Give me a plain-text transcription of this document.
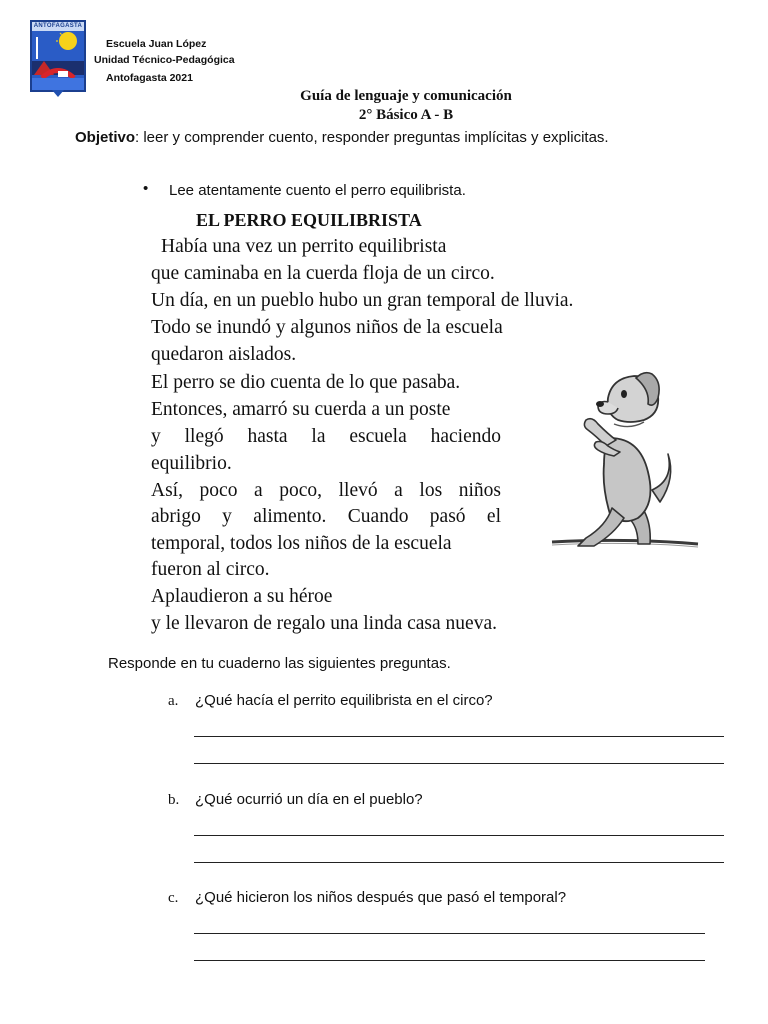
ANTOFAGASTA
Escuela Juan López
Unidad Técnico-Pedagógica
Antofagasta 2021
Guía de lenguaje y comunicación
2° Básico A - B
Objetivo: leer y comprender cuento, responder preguntas implícitas y explicitas.
• Lee atentamente cuento el perro equilibrista.
EL PERRO EQUILIBRISTA
Había una vez un perrito equilibrista
que caminaba en la cuerda floja de un circo.
Un día, en un pueblo hubo un gran temporal de lluvia.
Todo se inundó y algunos niños de la escuela
quedaron aislados.
El perro se dio cuenta de lo que pasaba.
Entonces, amarró su cuerda a un poste
y llegó hasta la escuela haciendo
equilibrio.
Así, poco a poco, llevó a los niños
abrigo y alimento. Cuando pasó el
temporal, todos los niños de la escuela
fueron al circo.
Aplaudieron a su héroe
y le llevaron de regalo una linda casa nueva.
Responde en tu cuaderno las siguientes preguntas.
a. ¿Qué hacía el perrito equilibrista en el circo?
b. ¿Qué ocurrió un día en el pueblo?
c. ¿Qué hicieron los niños después que pasó el temporal?
